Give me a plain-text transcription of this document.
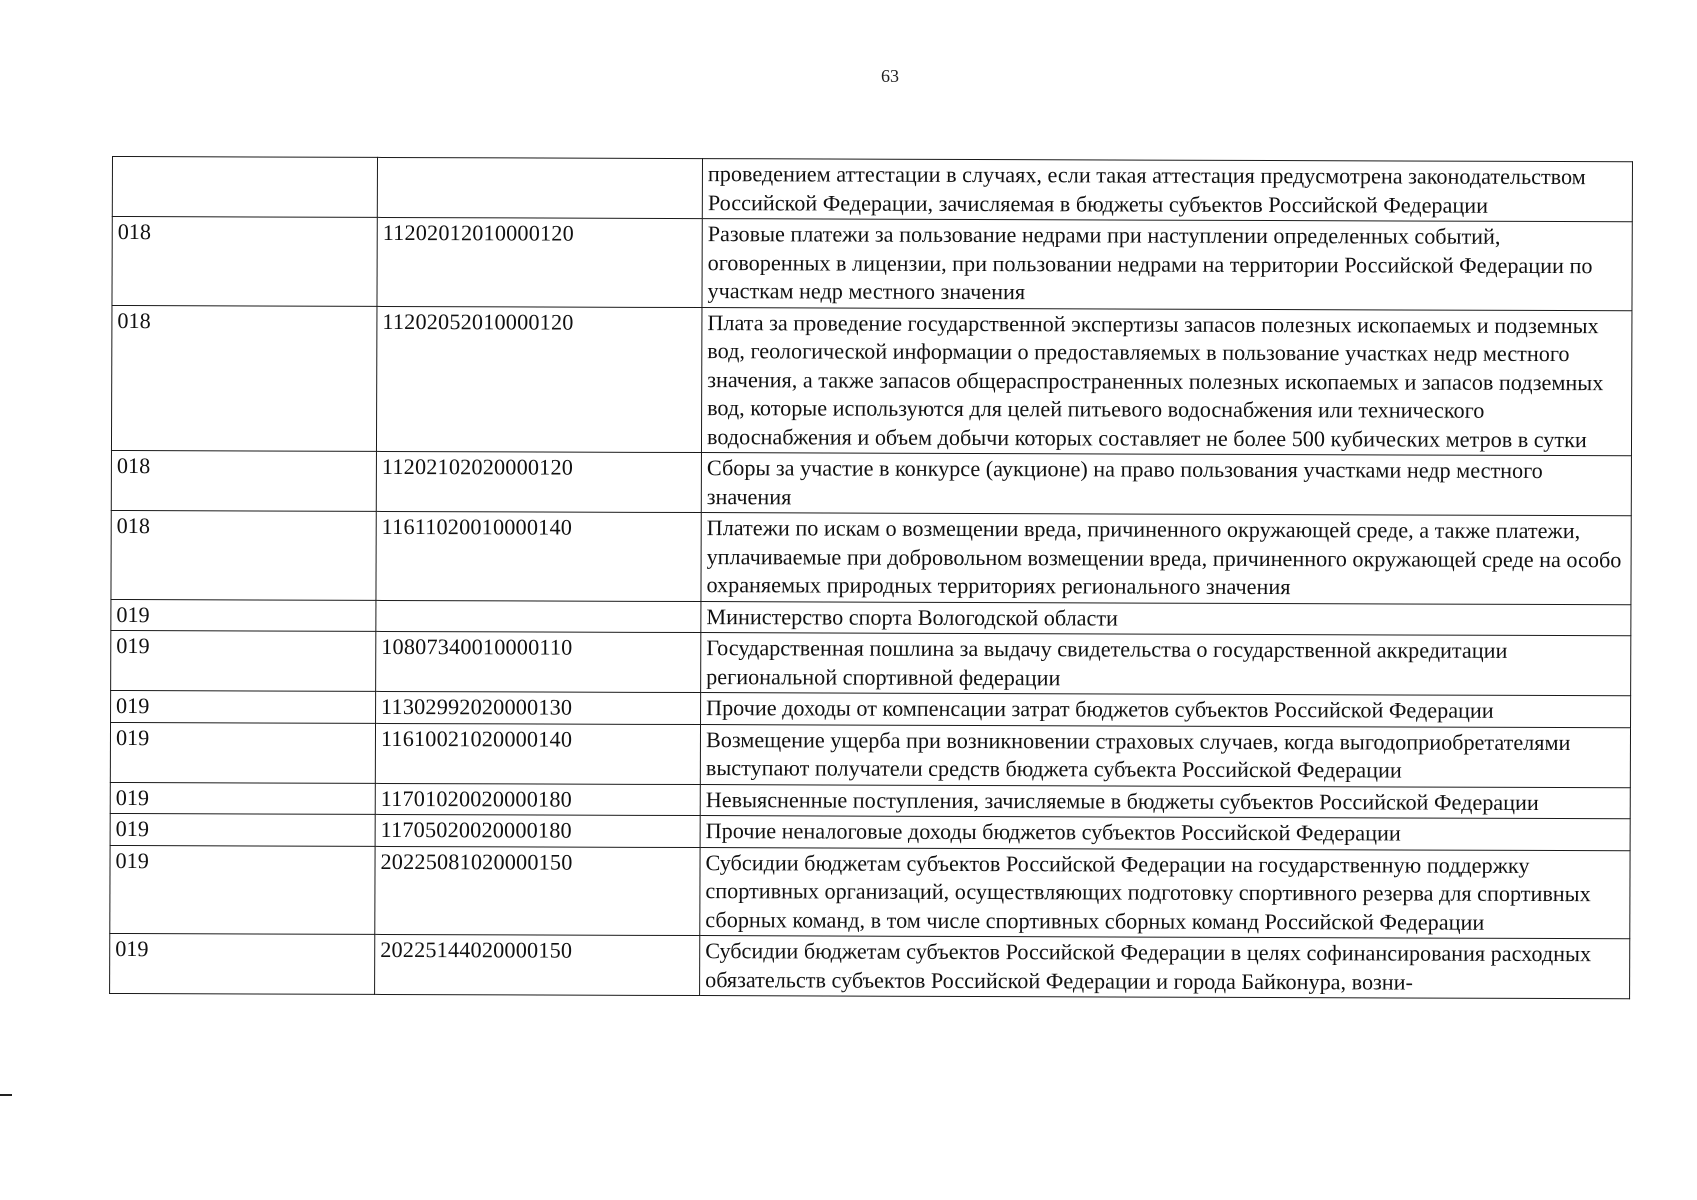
63
		проведением аттестации в случаях, если такая аттестация предусмотрена законодательством Российской Федерации, зачисляемая в бюджеты субъектов Российской Федерации
018	11202012010000120	Разовые платежи за пользование недрами при наступлении определенных событий, оговоренных в лицензии, при пользовании недрами на территории Российской Федерации по участкам недр местного значения
018	11202052010000120	Плата за проведение государственной экспертизы запасов полезных ископаемых и подземных вод, геологической информации о предоставляемых в пользование участках недр местного значения, а также запасов общераспространенных полезных ископаемых и запасов подземных вод, которые используются для целей питьевого водоснабжения или технического водоснабжения и объем добычи которых составляет не более 500 кубических метров в сутки
018	11202102020000120	Сборы за участие в конкурсе (аукционе) на право пользования участками недр местного значения
018	11611020010000140	Платежи по искам о возмещении вреда, причиненного окружающей среде, а также платежи, уплачиваемые при добровольном возмещении вреда, причиненного окружающей среде на особо охраняемых природных территориях регионального значения
019		Министерство спорта Вологодской области
019	10807340010000110	Государственная пошлина за выдачу свидетельства о государственной аккредитации региональной спортивной федерации
019	11302992020000130	Прочие доходы от компенсации затрат бюджетов субъектов Российской Федерации
019	11610021020000140	Возмещение ущерба при возникновении страховых случаев, когда выгодоприобретателями выступают получатели средств бюджета субъекта Российской Федерации
019	11701020020000180	Невыясненные поступления, зачисляемые в бюджеты субъектов Российской Федерации
019	11705020020000180	Прочие неналоговые доходы бюджетов субъектов Российской Федерации
019	20225081020000150	Субсидии бюджетам субъектов Российской Федерации на государственную поддержку спортивных организаций, осуществляющих подготовку спортивного резерва для спортивных сборных команд, в том числе спортивных сборных команд Российской Федерации
019	20225144020000150	Субсидии бюджетам субъектов Российской Федерации в целях софинансирования расходных обязательств субъектов Российской Федерации и города Байконура, возни-
